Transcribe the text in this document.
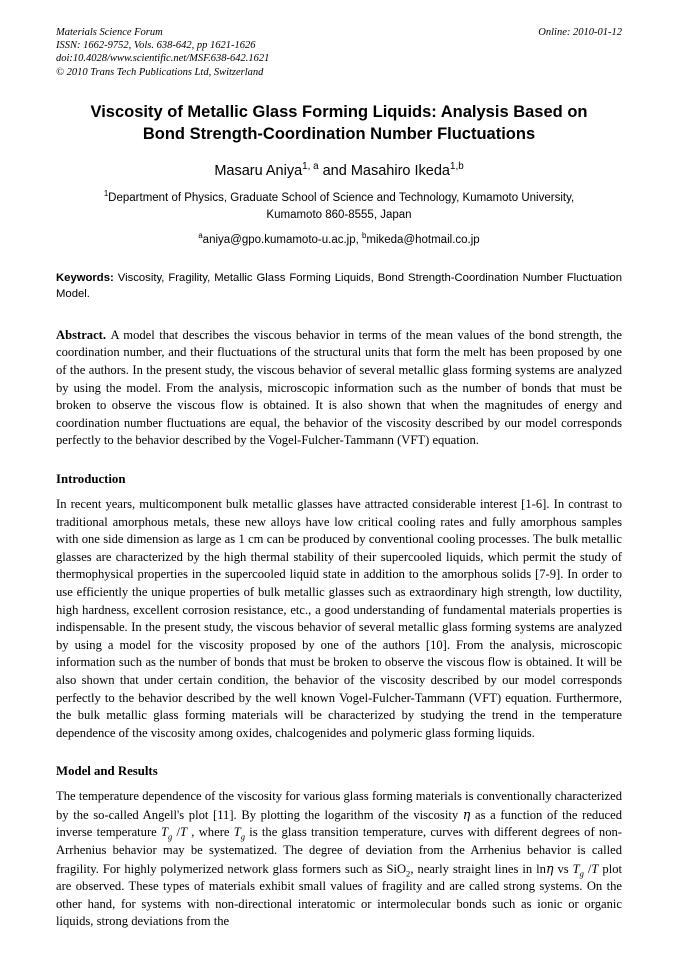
Materials Science Forum
ISSN: 1662-9752, Vols. 638-642, pp 1621-1626
doi:10.4028/www.scientific.net/MSF.638-642.1621
Online: 2010-01-12
© 2010 Trans Tech Publications Ltd, Switzerland
Viscosity of Metallic Glass Forming Liquids: Analysis Based on Bond Strength-Coordination Number Fluctuations
Masaru Aniya$^{1, a}$ and Masahiro Ikeda$^{1,b}$
$^1$Department of Physics, Graduate School of Science and Technology, Kumamoto University,
Kumamoto 860-8555, Japan
$^a$aniya@gpo.kumamoto-u.ac.jp, $^b$mikeda@hotmail.co.jp
Keywords: Viscosity, Fragility, Metallic Glass Forming Liquids, Bond Strength-Coordination Number Fluctuation Model.
Abstract. A model that describes the viscous behavior in terms of the mean values of the bond strength, the coordination number, and their fluctuations of the structural units that form the melt has been proposed by one of the authors. In the present study, the viscous behavior of several metallic glass forming systems are analyzed by using the model. From the analysis, microscopic information such as the number of bonds that must be broken to observe the viscous flow is obtained. It is also shown that when the magnitudes of energy and coordination number fluctuations are equal, the behavior of the viscosity described by our model corresponds perfectly to the behavior described by the Vogel-Fulcher-Tammann (VFT) equation.
Introduction
In recent years, multicomponent bulk metallic glasses have attracted considerable interest [1-6]. In contrast to traditional amorphous metals, these new alloys have low critical cooling rates and fully amorphous samples with one side dimension as large as 1 cm can be produced by conventional cooling processes. The bulk metallic glasses are characterized by the high thermal stability of their supercooled liquids, which permit the study of thermophysical properties in the supercooled liquid state in addition to the amorphous solids [7-9]. In order to use efficiently the unique properties of bulk metallic glasses such as extraordinary high strength, low ductility, high hardness, excellent corrosion resistance, etc., a good understanding of fundamental materials properties is indispensable. In the present study, the viscous behavior of several metallic glass forming systems are analyzed by using a model for the viscosity proposed by one of the authors [10]. From the analysis, microscopic information such as the number of bonds that must be broken to observe the viscous flow is obtained. It will be also shown that under certain condition, the behavior of the viscosity described by our model corresponds perfectly to the behavior described by the well known Vogel-Fulcher-Tammann (VFT) equation. Furthermore, the bulk metallic glass forming materials will be characterized by studying the trend in the temperature dependence of the viscosity among oxides, chalcogenides and polymeric glass forming liquids.
Model and Results
The temperature dependence of the viscosity for various glass forming materials is conventionally characterized by the so-called Angell's plot [11]. By plotting the logarithm of the viscosity η as a function of the reduced inverse temperature $T_g$ /T , where $T_g$ is the glass transition temperature, curves with different degrees of non-Arrhenius behavior may be systematized. The degree of deviation from the Arrhenius behavior is called fragility. For highly polymerized network glass formers such as SiO$_2$, nearly straight lines in lnη vs $T_g$ /T plot are observed. These types of materials exhibit small values of fragility and are called strong systems. On the other hand, for systems with non-directional interatomic or intermolecular bonds such as ionic or organic liquids, strong deviations from the
